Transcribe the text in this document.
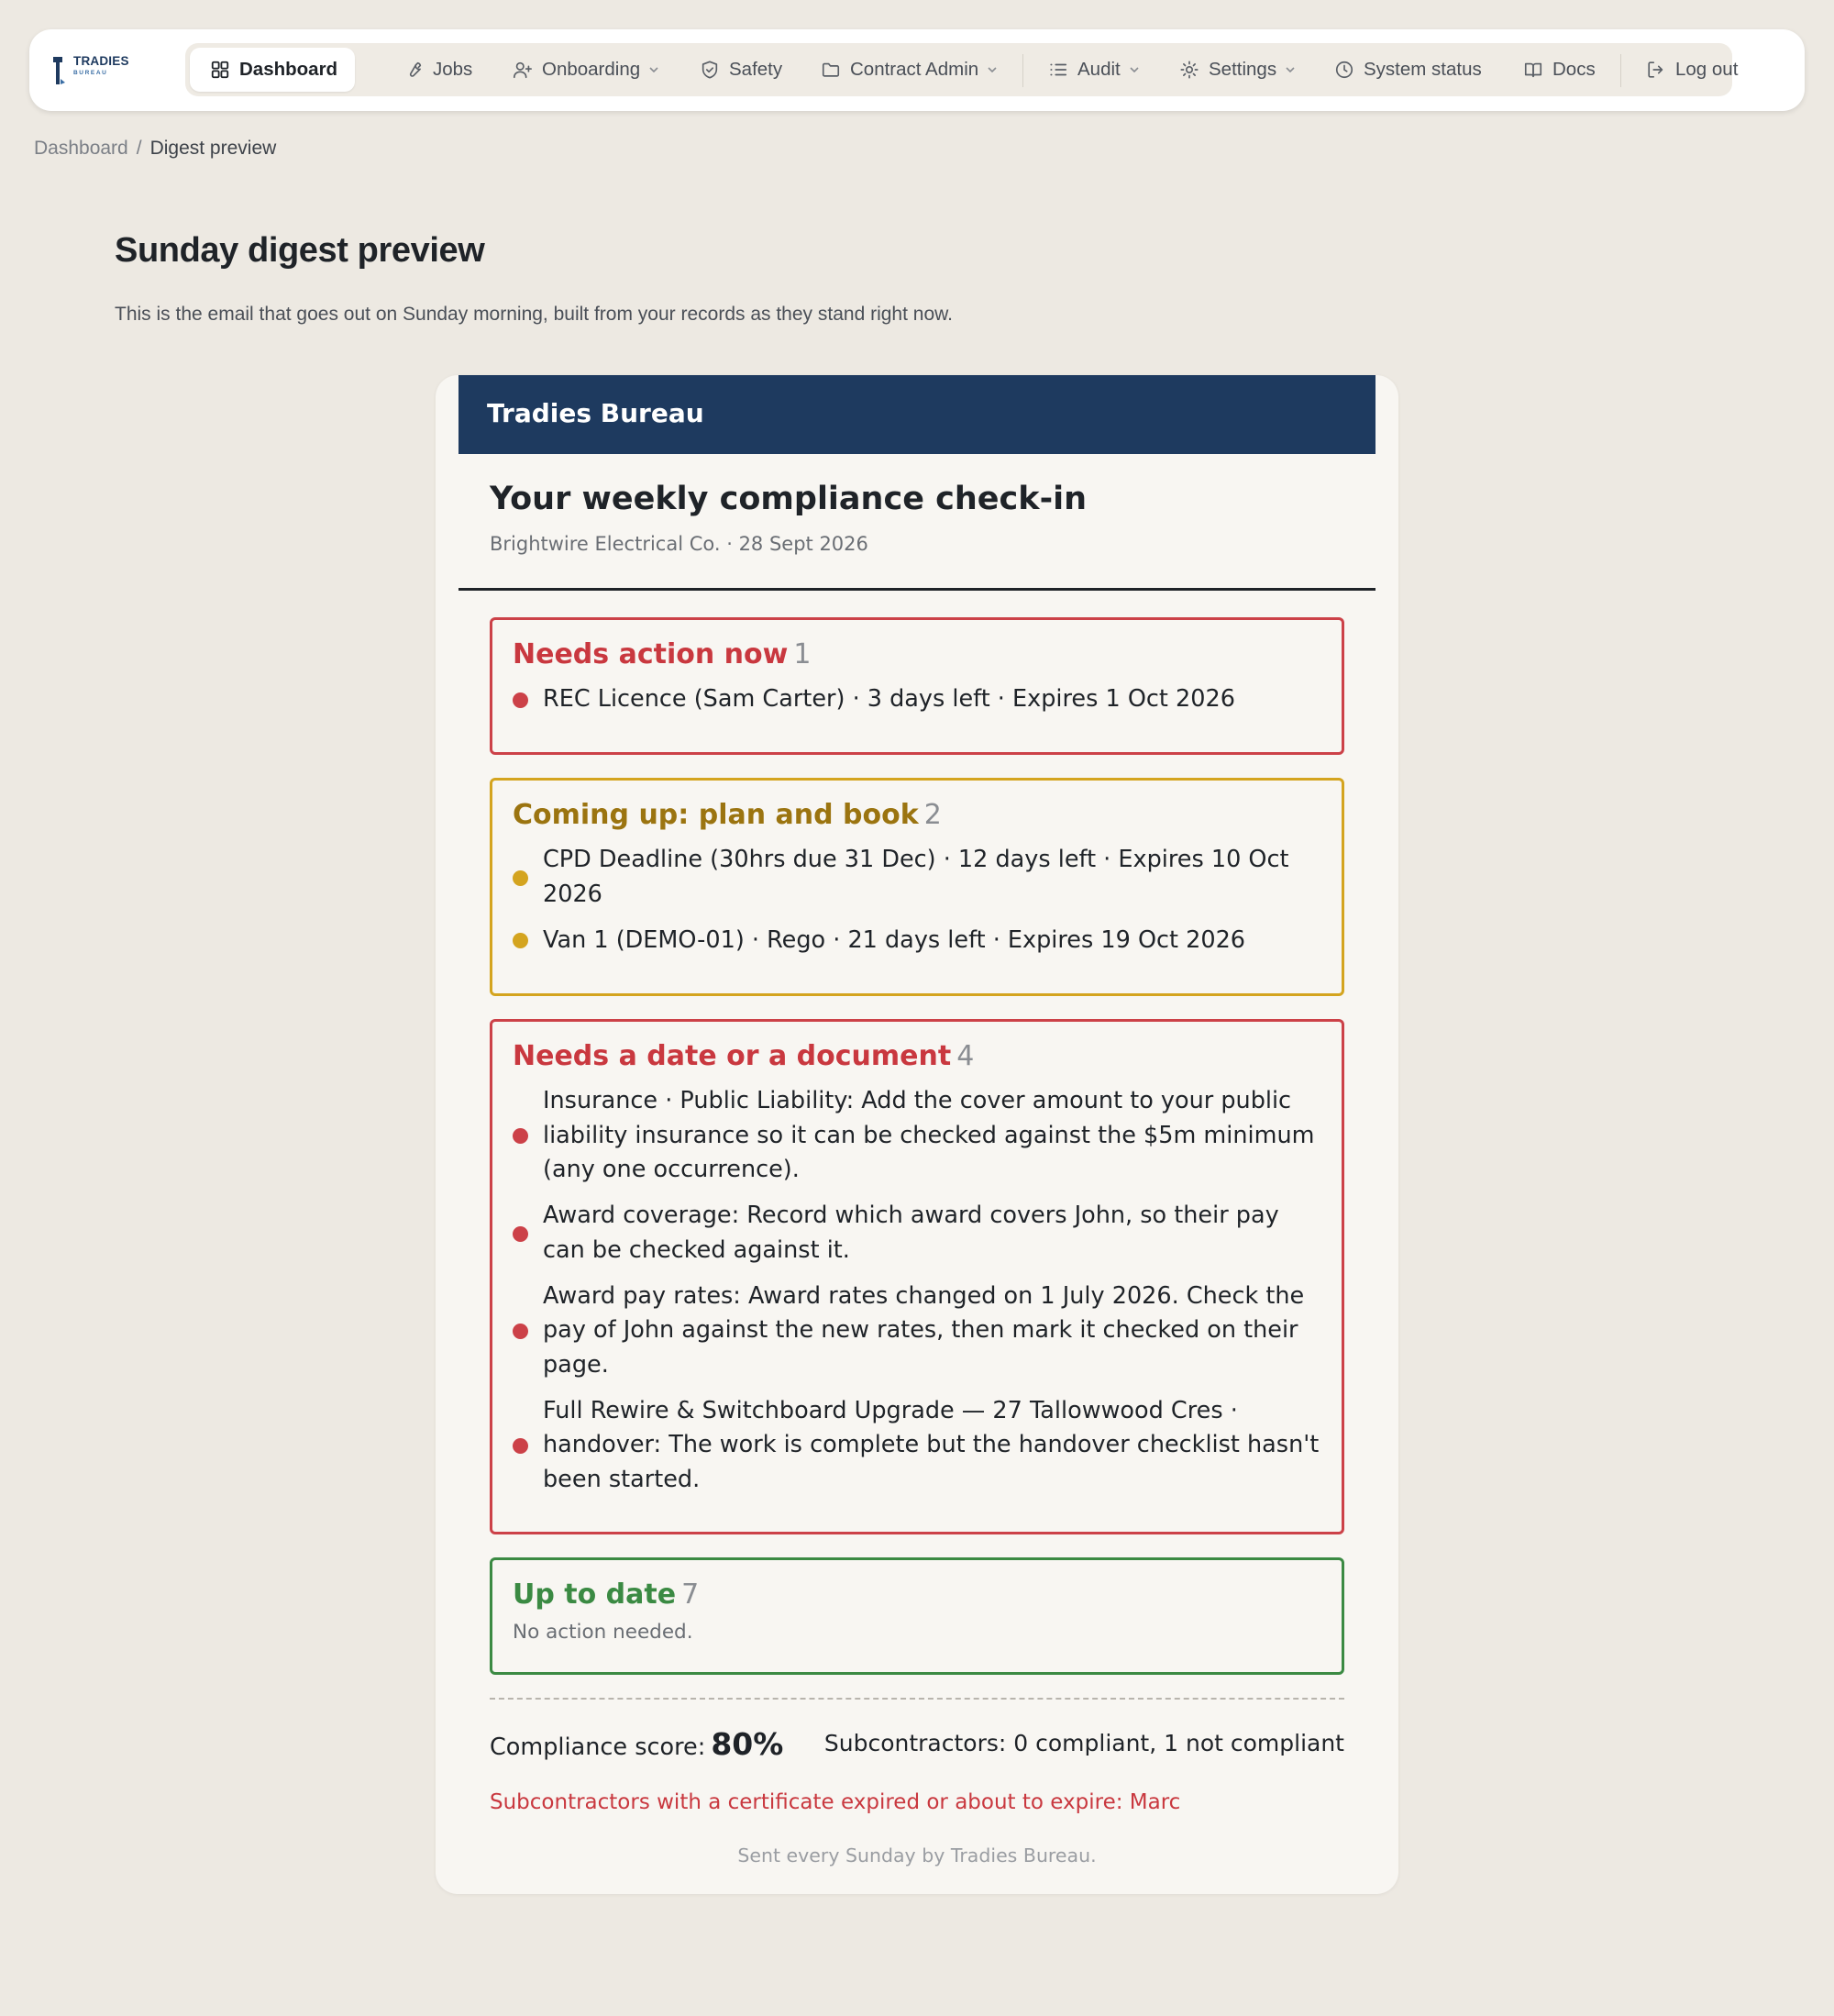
TRADIES
BUREAU	Dashboard	Jobs	Onboarding	Safety	Contract Admin	Audit	Settings	System status	Docs	Log out
Dashboard / Digest preview
Sunday digest preview

This is the email that goes out on Sunday morning, built from your records as they stand right now.

Tradies Bureau
Your weekly compliance check-in
Brightwire Electrical Co. · 28 Sept 2026
Needs action now 1
REC Licence (Sam Carter) · 3 days left · Expires 1 Oct 2026
Coming up: plan and book 2
CPD Deadline (30hrs due 31 Dec) · 12 days left · Expires 10 Oct 2026
Van 1 (DEMO-01) · Rego · 21 days left · Expires 19 Oct 2026
Needs a date or a document 4
Insurance · Public Liability: Add the cover amount to your public liability insurance so it can be checked against the $5m minimum (any one occurrence).
Award coverage: Record which award covers John, so their pay can be checked against it.
Award pay rates: Award rates changed on 1 July 2026. Check the pay of John against the new rates, then mark it checked on their page.
Full Rewire & Switchboard Upgrade — 27 Tallowwood Cres · handover: The work is complete but the handover checklist hasn't been started.
Up to date 7
No action needed.
Compliance score: 80% Subcontractors: 0 compliant, 1 not compliant
Subcontractors with a certificate expired or about to expire: Marc
Sent every Sunday by Tradies Bureau.
